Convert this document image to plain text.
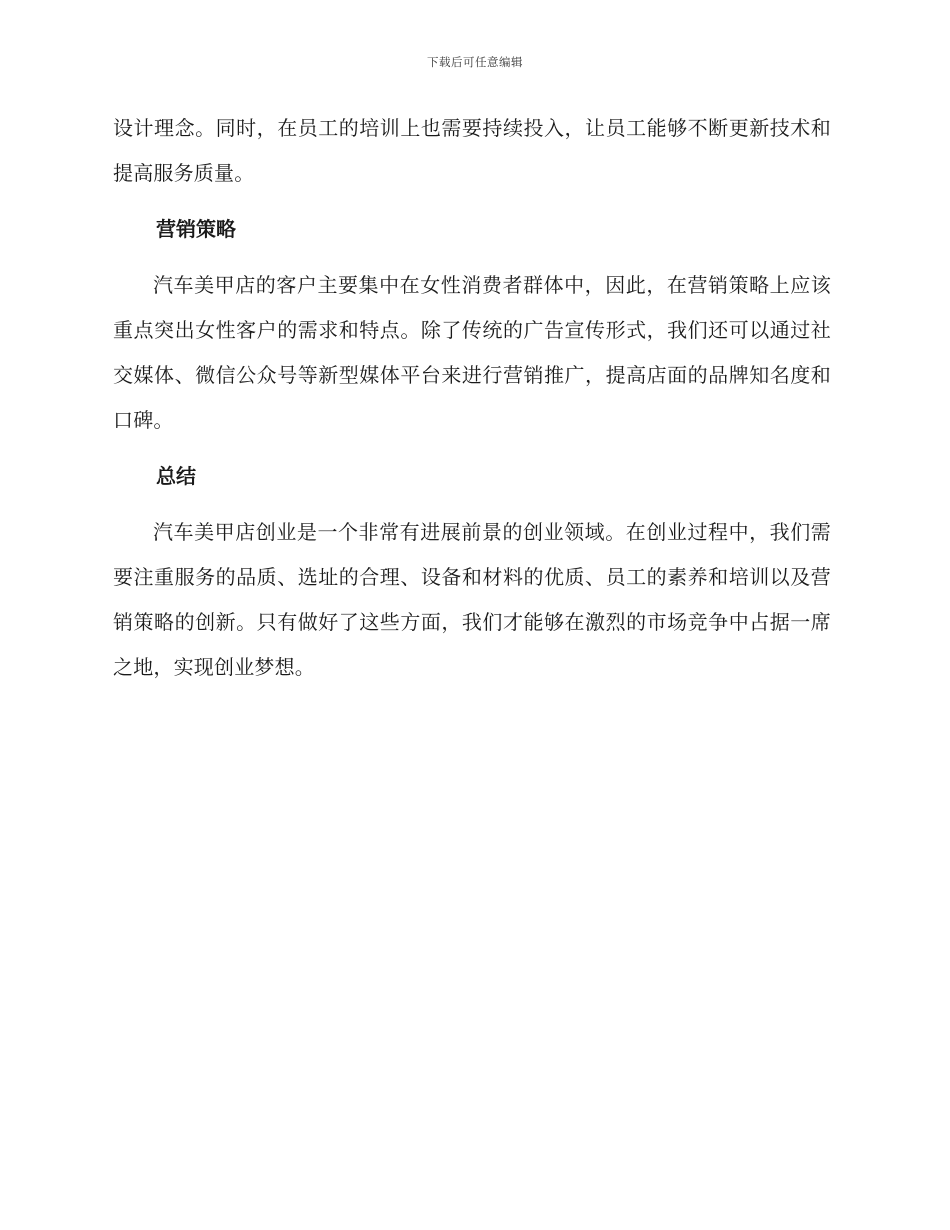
下载后可任意编辑

设计理念。同时，在员工的培训上也需要持续投入，让员工能够不断更新技术和提高服务质量。

营销策略

汽车美甲店的客户主要集中在女性消费者群体中，因此，在营销策略上应该重点突出女性客户的需求和特点。除了传统的广告宣传形式，我们还可以通过社交媒体、微信公众号等新型媒体平台来进行营销推广，提高店面的品牌知名度和口碑。

总结

汽车美甲店创业是一个非常有进展前景的创业领域。在创业过程中，我们需要注重服务的品质、选址的合理、设备和材料的优质、员工的素养和培训以及营销策略的创新。只有做好了这些方面，我们才能够在激烈的市场竞争中占据一席之地，实现创业梦想。
